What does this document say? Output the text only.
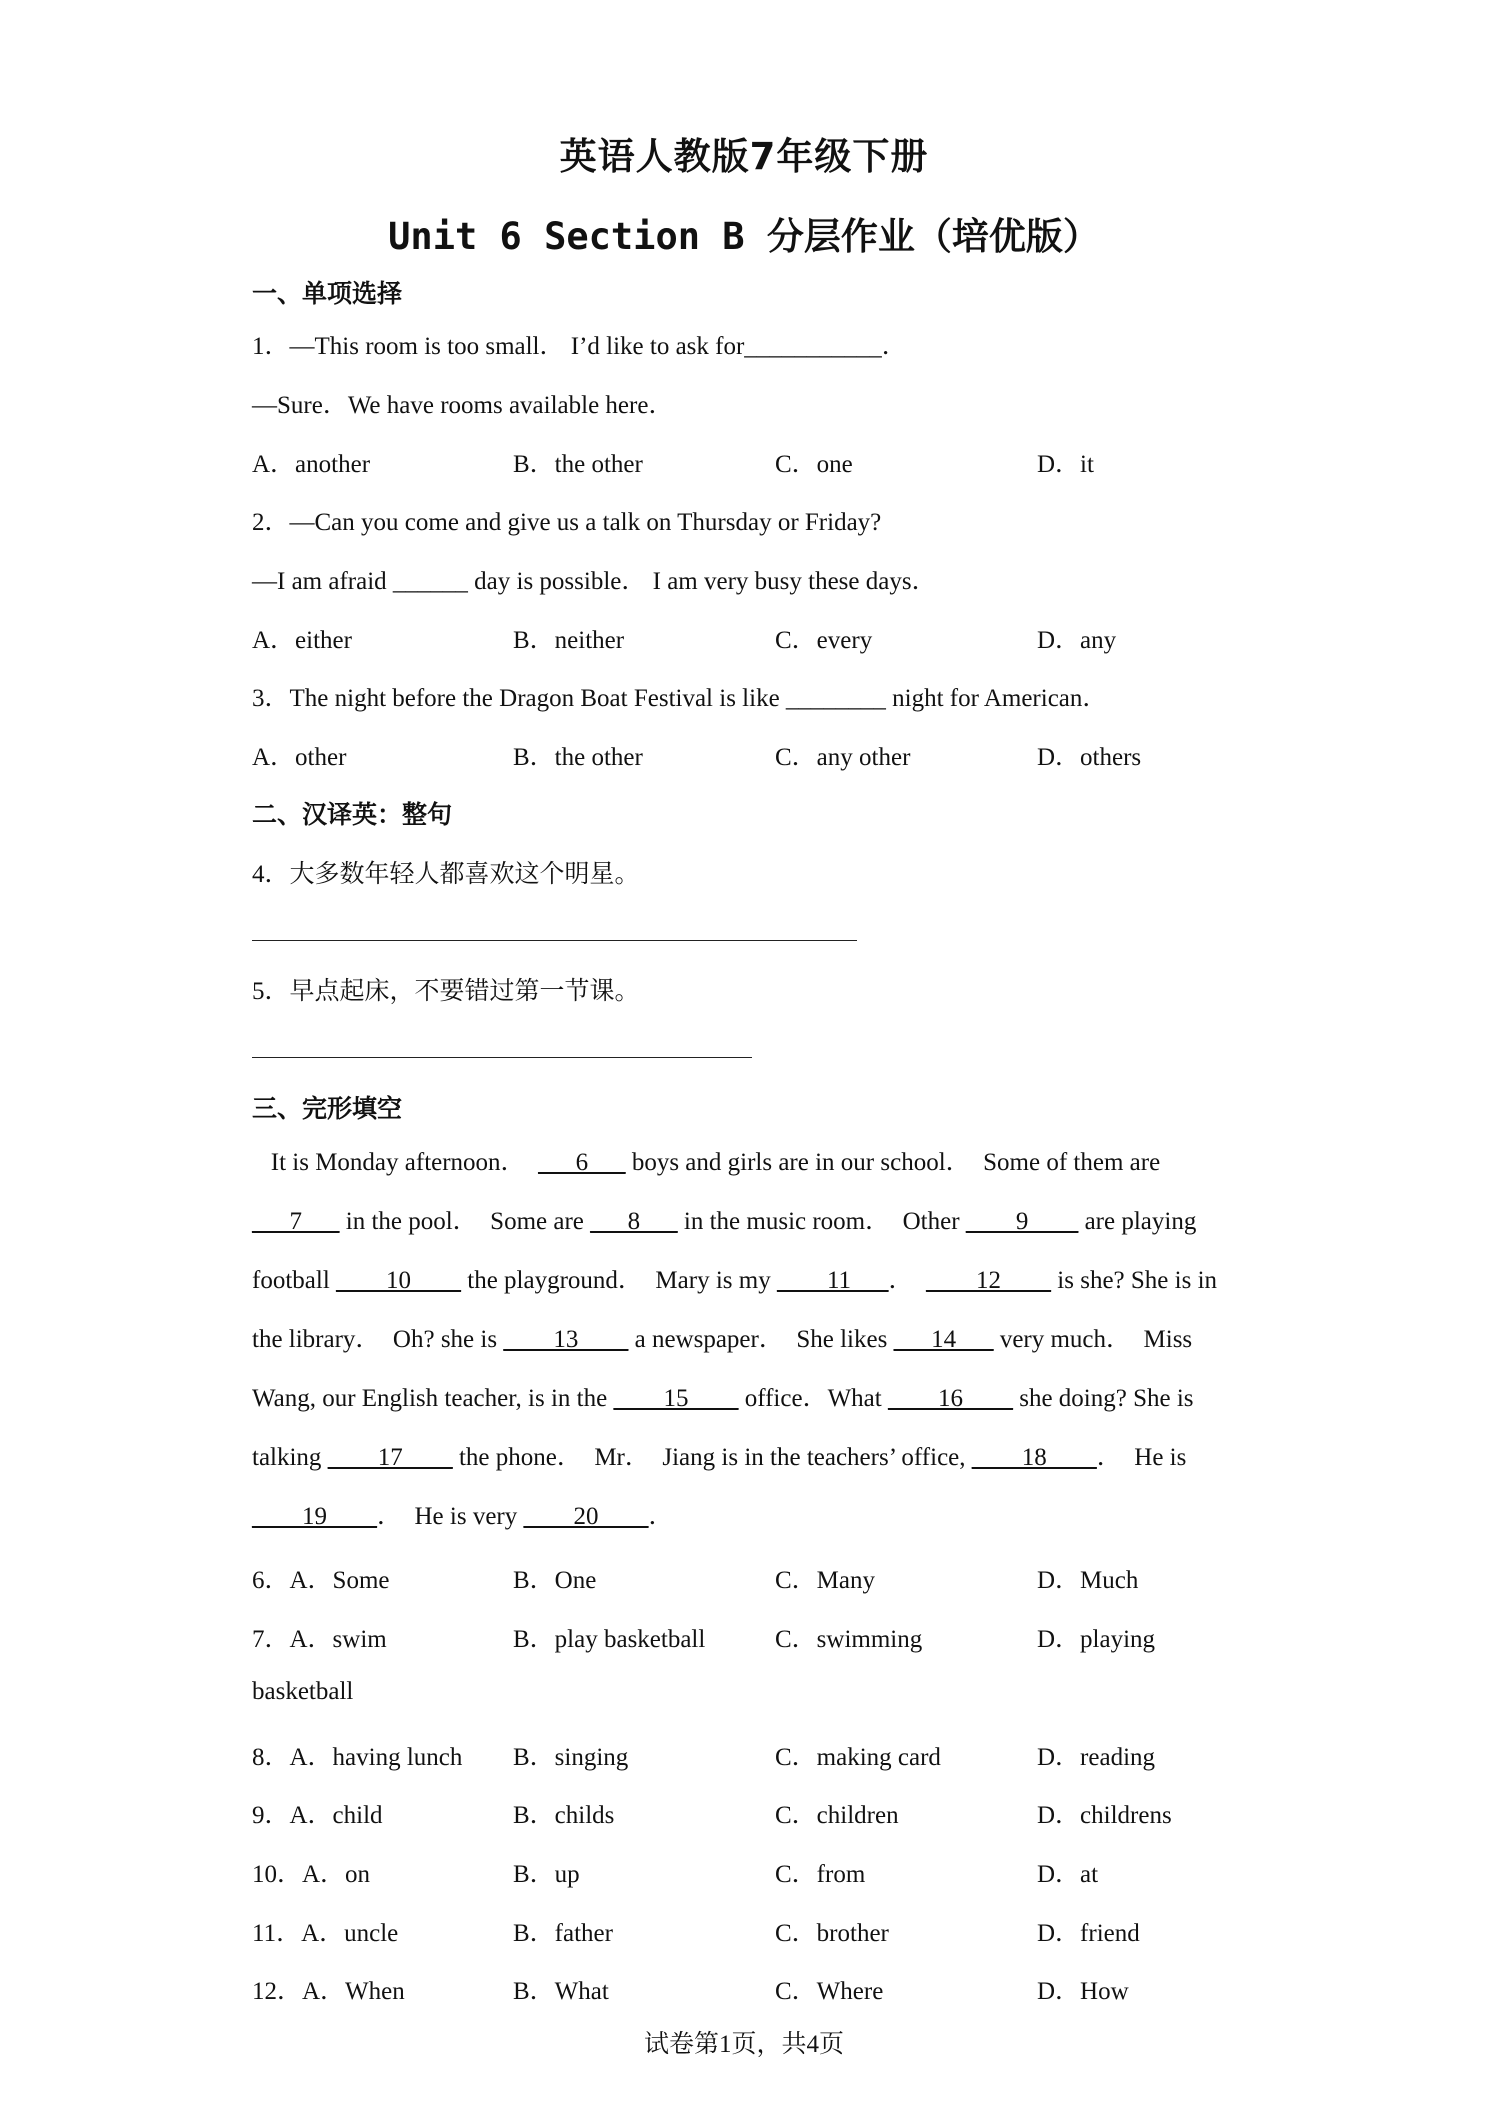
英语人教版7年级下册
Unit 6 Section B 分层作业（培优版）
一、单项选择
1．—This room is too small． I’d like to ask for___________．
—Sure．We have rooms available here．
A．another	B．the other	C．one	D．it
2．—Can you come and give us a talk on Thursday or Friday?
—I am afraid ______ day is possible． I am very busy these days．
A．either	B．neither	C．every	D．any
3．The night before the Dragon Boat Festival is like ________ night for American．
A．other	B．the other	C．any other	D．others
二、汉译英：整句
4．大多数年轻人都喜欢这个明星。
5．早点起床，不要错过第一节课。
三、完形填空

It is Monday afternoon．  ___6___ boys and girls are in our school．  Some of them are

___7___ in the pool．  Some are ___8___ in the music room．  Other ____9____ are playing

football ____10____ the playground．  Mary is my ____11___．  ____12____ is she? She is in

the library．  Oh? she is ____13____ a newspaper．  She likes ___14___ very much．  Miss

Wang, our English teacher, is in the ____15____ office．What ____16____ she doing? She is

talking ____17____ the phone．  Mr．  Jiang is in the teachers’ office, ____18____．  He is

____19____．  He is very ____20____．

6．A．Some	B．One	C．Many	D．Much
7．A．swim	B．play basketball	C．swimming	D．playing
basketball
8．A．having lunch B．singing	C．making card	D．reading
9．A．child	B．childs	C．children	D．childrens
10．A．on	B．up	C．from	D．at
11．A．uncle	B．father	C．brother	D．friend
12．A．When	B．What	C．Where	D．How
试卷第1页，共4页
